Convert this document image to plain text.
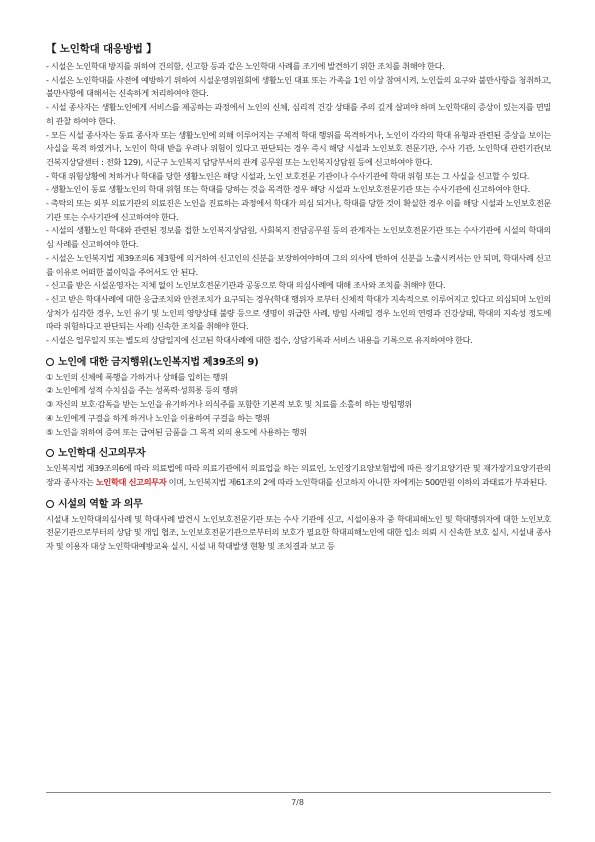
【 노인학대 대응방법 】

- 시설은 노인학대 방지를 위하여 건의함, 신고함 등과 같은 노인학대 사례를 조기에 발견하기 위한 조치를 취해야 한다.

- 시설은 노인학대를 사전에 예방하기 위하여 시설운영위원회에 생활노인 대표 또는 가족을 1인 이상 참여시켜, 노인들의 요구와 불만사항을 청취하고, 불만사항에 대해서는 신속하게 처리하여야 한다.

- 시설 종사자는 생활노인에게 서비스를 제공하는 과정에서 노인의 신체, 심리적 건강 상태를 주의 깊게 살펴야 하며 노인학대의 증상이 있는지를 면밀히 관찰 하여야 한다.

- 모든 시설 종사자는 동료 종사자 또는 생활노인에 의해 이루어지는 구체적 학대 행위를 목격하거나, 노인이 각각의 학대 유형과 관련된 증상을 보이는 사실을 목격 하였거나, 노인이 학대 받을 우려나 위험이 있다고 판단되는 경우 즉시 해당 시설과 노인보호 전문기관, 수사 기관, 노인학대 관련기관(보건복지상담센터 : 전화 129), 시군구 노인복지 담당부서의 관계 공무원 또는 노인복지상담원 등에 신고하여야 한다.

- 학대 위험상황에 처하거나 학대를 당한 생활노인은 해당 시설과, 노인 보호전문 기관이나 수사기관에 학대 위험 또는 그 사실을 신고할 수 있다.

- 생활노인이 동료 생활노인의 학대 위험 또는 학대를 당하는 것을 목격한 경우 해당 시설과 노인보호전문기관 또는 수사기관에 신고하여야 한다.

- 촉탁의 또는 외부 의료기관의 의료진은 노인을 진료하는 과정에서 학대가 의심 되거나, 학대를 당한 것이 확실한 경우 이를 해당 시설과 노인보호전문기관 또는 수사기관에 신고하여야 한다.

- 시설의 생활노인 학대와 관련된 정보를 접한 노인복지상담원, 사회복지 전담공무원 등의 관계자는 노인보호전문기관 또는 수사기관에 시설의 학대의심 사례를 신고하여야 한다.

- 시설은 노인복지법 제39조의6 제3항에 의거하여 신고인의 신분을 보장하여야하며 그의 의사에 반하여 신분을 노출시켜서는 안 되며, 학대사례 신고를 이유로 어떠한 불이익을 주어서도 안 된다.

- 신고를 받은 시설운영자는 지체 없이 노인보호전문기관과 공동으로 학대 의심사례에 대해 조사와 조치를 취해야 한다.

- 신고 받은 학대사례에 대한 응급조치와 안전조치가 요구되는 경우(학대 행위자 로부터 신체적 학대가 지속적으로 이루어지고 있다고 의심되며 노인의 상처가 심각한 경우, 노인 유기 및 노인의 영양상태 불량 등으로 생명이 위급한 사례, 방임 사례일 경우 노인의 연령과 건강상태, 학대의 지속성 정도에 따라 위험하다고 판단되는 사례) 신속한 조치를 취해야 한다.

- 시설은 업무일지 또는 별도의 상담일지에 신고된 학대사례에 대한 접수, 상담기록과 서비스 내용을 기록으로 유지하여야 한다.

노인에 대한 금지행위(노인복지법 제39조의 9)

① 노인의 신체에 폭행을 가하거나 상해를 입히는 행위

② 노인에게 성적 수치심을 주는 성폭력·성희롱 등의 행위

③ 자신의 보호·감독을 받는 노인을 유기하거나 의식주를 포함한 기본적 보호 및 치료를 소홀히 하는 방임행위

④ 노인에게 구걸을 하게 하거나 노인을 이용하여 구걸을 하는 행위

⑤ 노인을 위하여 증여 또는 급여된 금품을 그 목적 외의 용도에 사용하는 행위

노인학대 신고의무자

노인복지법 제39조의6에 따라 의료법에 따라 의료기관에서 의료업을 하는 의료인, 노인장기요양보험법에 따른 장기요양기관 및 재가장기요양기관의 장과 종사자는 노인학대 신고의무자 이며, 노인복지법 제61조의 2에 따라 노인학대를 신고하지 아니한 자에게는 500만원 이하의 과태료가 부과된다.

시설의 역할 과 의무

시설내 노인학대의심사례 및 학대사례 발견시 노인보호전문기관 또는 수사 기관에 신고, 시설이용자 중 학대피해노인 및 학대행위자에 대한 노인보호전문기관으로부터의 상담 및 개입 협조, 노인보호전문기관으로부터의 보호가 필요한 학대피해노인에 대한 입소 의뢰 시 신속한 보호 실시, 시설내 종사자 및 이용자 대상 노인학대예방교육 실시, 시설 내 학대발생 현황 및 조치결과 보고 등

7/8
